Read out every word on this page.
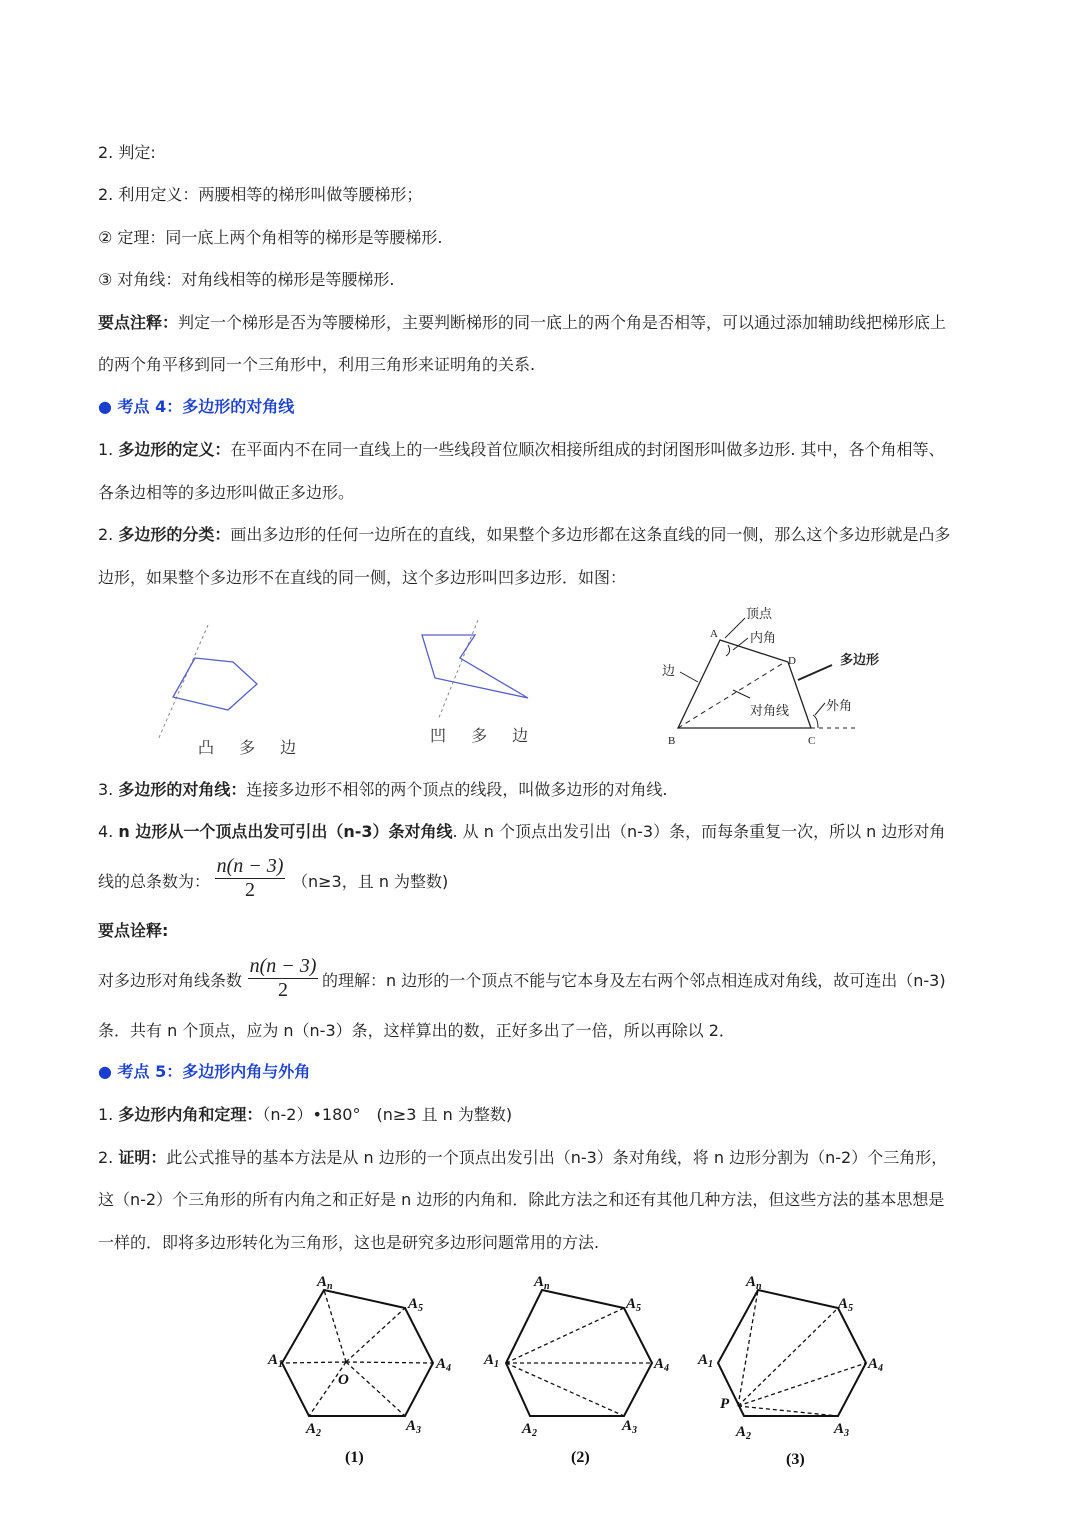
2. 判定:
2. 利用定义：两腰相等的梯形叫做等腰梯形；
② 定理：同一底上两个角相等的梯形是等腰梯形.
③ 对角线：对角线相等的梯形是等腰梯形.
要点注释：判定一个梯形是否为等腰梯形，主要判断梯形的同一底上的两个角是否相等，可以通过添加辅助线把梯形底上
的两个角平移到同一个三角形中，利用三角形来证明角的关系.
● 考点 4：多边形的对角线
1. 多边形的定义：在平面内不在同一直线上的一些线段首位顺次相接所组成的封闭图形叫做多边形. 其中，各个角相等、
各条边相等的多边形叫做正多边形。
2. 多边形的分类：画出多边形的任何一边所在的直线，如果整个多边形都在这条直线的同一侧，那么这个多边形就是凸多
边形，如果整个多边形不在直线的同一侧，这个多边形叫凹多边形．如图：
顶点
内角
多边形
边
对角线	外角
A
B	C
D
凸 多 边
凹 多 边
3. 多边形的对角线：连接多边形不相邻的两个顶点的线段，叫做多边形的对角线.
4. n 边形从一个顶点出发可引出（n-3）条对角线. 从 n 个顶点出发引出（n-3）条，而每条重复一次，所以 n 边形对角
线的总条数为：
n(n − 3)
2	（n≥3，且 n 为整数)
要点诠释:
对多边形对角线条数
n(n − 3)
2	的理解：n 边形的一个顶点不能与它本身及左右两个邻点相连成对角线，故可连出（n-3)
条．共有 n 个顶点，应为 n（n-3）条，这样算出的数，正好多出了一倍，所以再除以 2．
● 考点 5：多边形内角与外角
1. 多边形内角和定理：（n-2）•180°　(n≥3 且 n 为整数)
2. 证明：此公式推导的基本方法是从 n 边形的一个顶点出发引出（n-3）条对角线，将 n 边形分割为（n-2）个三角形，
这（n-2）个三角形的所有内角之和正好是 n 边形的内角和．除此方法之和还有其他几种方法，但这些方法的基本思想是
一样的．即将多边形转化为三角形，这也是研究多边形问题常用的方法.
$A_n$
$A_5$
$A_4$
$A_3$
$A_2$
$A_1$
O
$A_n$
$A_5$
$A_4$
$A_3$
$A_2$
$A_1$
$A_n$
$A_5$
$A_4$
$A_3$
$A_2$
$A_1$
P
(1)	(2)	(3)
